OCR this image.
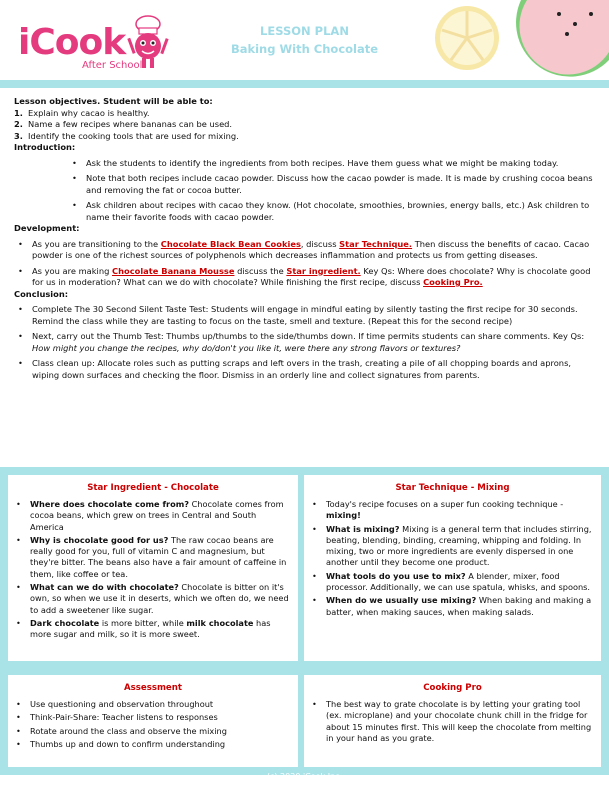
iCook
After School
LESSON PLAN
Baking With Chocolate

Lesson objectives. Student will be able to:

1. Explain why cacao is healthy.
2. Name a few recipes where bananas can be used.
3. Identify the cooking tools that are used for mixing.

Introduction:

•	Ask the students to identify the ingredients from both recipes. Have them guess what we might be making today.
•	Note that both recipes include cacao powder. Discuss how the cacao powder is made. It is made by crushing cocoa beans and removing the fat or cocoa butter.
•	Ask children about recipes with cacao they know. (Hot chocolate, smoothies, brownies, energy balls, etc.) Ask children to name their favorite foods with cacao powder.

Development:

•	As you are transitioning to the Chocolate Black Bean Cookies, discuss Star Technique. Then discuss the benefits of cacao. Cacao powder is one of the richest sources of polyphenols which decreases inflammation and protects us from getting diseases.
•	As you are making Chocolate Banana Mousse discuss the Star ingredient. Key Qs: Where does chocolate? Why is chocolate good for us in moderation? What can we do with chocolate? While finishing the first recipe, discuss Cooking Pro.

Conclusion:

•	Complete The 30 Second Silent Taste Test: Students will engage in mindful eating by silently tasting the first recipe for 30 seconds. Remind the class while they are tasting to focus on the taste, smell and texture. (Repeat this for the second recipe)
•	Next, carry out the Thumb Test: Thumbs up/thumbs to the side/thumbs down. If time permits students can share comments. Key Qs: How might you change the recipes, why do/don't you like it, were there any strong flavors or textures?
•	Class clean up: Allocate roles such as putting scraps and left overs in the trash, creating a pile of all chopping boards and aprons, wiping down surfaces and checking the floor. Dismiss in an orderly line and collect signatures from parents.
Star Ingredient - Chocolate
•	Where does chocolate come from? Chocolate comes from cocoa beans, which grew on trees in Central and South America
•	Why is chocolate good for us? The raw cocao beans are really good for you, full of vitamin C and magnesium, but they're bitter. The beans also have a fair amount of caffeine in them, like coffee or tea.
•	What can we do with chocolate? Chocolate is bitter on it's own, so when we use it in deserts, which we often do, we need to add a sweetener like sugar.
•	Dark chocolate is more bitter, while milk chocolate has more sugar and milk, so it is more sweet.
Star Technique - Mixing
•	Today's recipe focuses on a super fun cooking technique - mixing!
•	What is mixing? Mixing is a general term that includes stirring, beating, blending, binding, creaming, whipping and folding. In mixing, two or more ingredients are evenly dispersed in one another until they become one product.
•	What tools do you use to mix? A blender, mixer, food processor. Additionally, we can use spatula, whisks, and spoons.
•	When do we usually use mixing? When baking and making a batter, when making sauces, when making salads.
Assessment
•	Use questioning and observation throughout
•	Think-Pair-Share: Teacher listens to responses
•	Rotate around the class and observe the mixing
•	Thumbs up and down to confirm understanding
Cooking Pro
•	The best way to grate chocolate is by letting your grating tool (ex. microplane) and your chocolate chunk chill in the fridge for about 15 minutes first. This will keep the chocolate from melting in your hand as you grate.
(c) 2020 iCook Inc.
